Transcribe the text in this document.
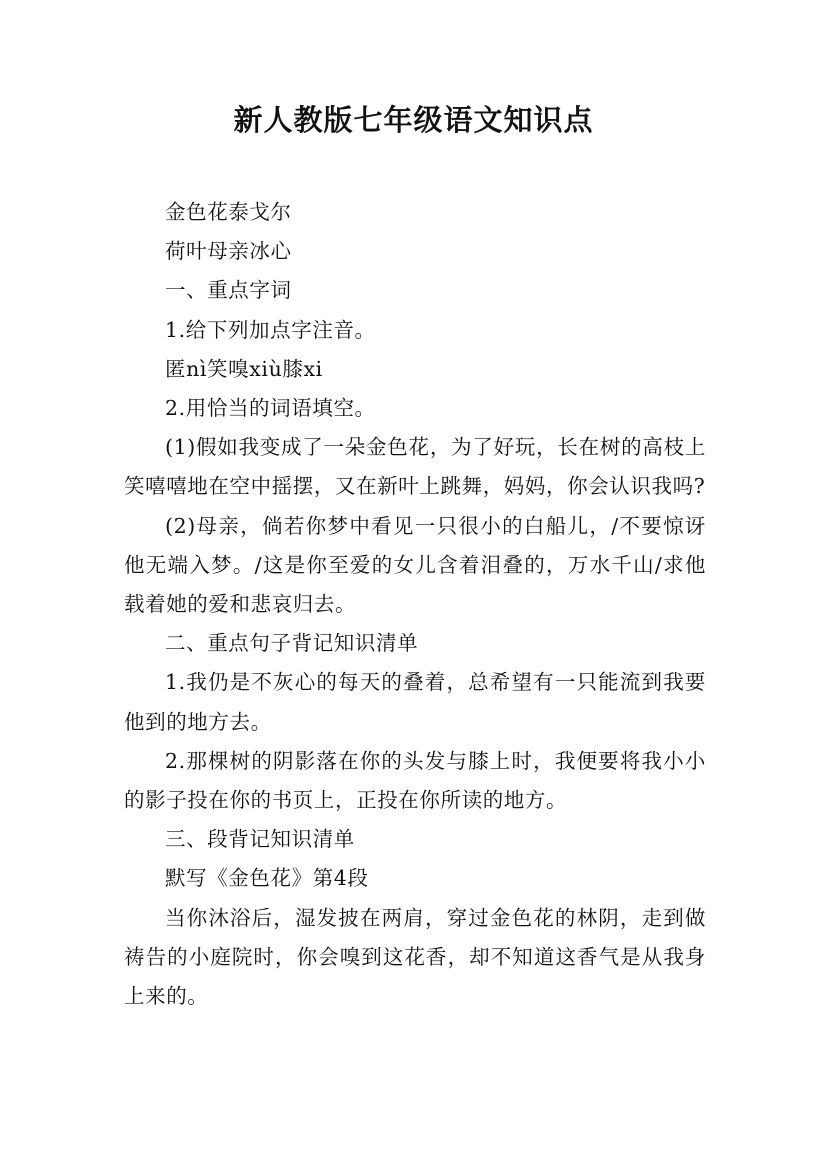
新人教版七年级语文知识点

金色花泰戈尔

荷叶母亲冰心

一、重点字词

1.给下列加点字注音。

匿nì笑嗅xiù膝xi

2.用恰当的词语填空。

(1)假如我变成了一朵金色花，为了好玩，长在树的高枝上笑嘻嘻地在空中摇摆，又在新叶上跳舞，妈妈，你会认识我吗?

(2)母亲，倘若你梦中看见一只很小的白船儿，/不要惊讶他无端入梦。/这是你至爱的女儿含着泪叠的，万水千山/求他载着她的爱和悲哀归去。

二、重点句子背记知识清单

1.我仍是不灰心的每天的叠着，总希望有一只能流到我要他到的地方去。

2.那棵树的阴影落在你的头发与膝上时，我便要将我小小的影子投在你的书页上，正投在你所读的地方。

三、段背记知识清单

默写《金色花》第4段

当你沐浴后，湿发披在两肩，穿过金色花的林阴，走到做祷告的小庭院时，你会嗅到这花香，却不知道这香气是从我身上来的。
